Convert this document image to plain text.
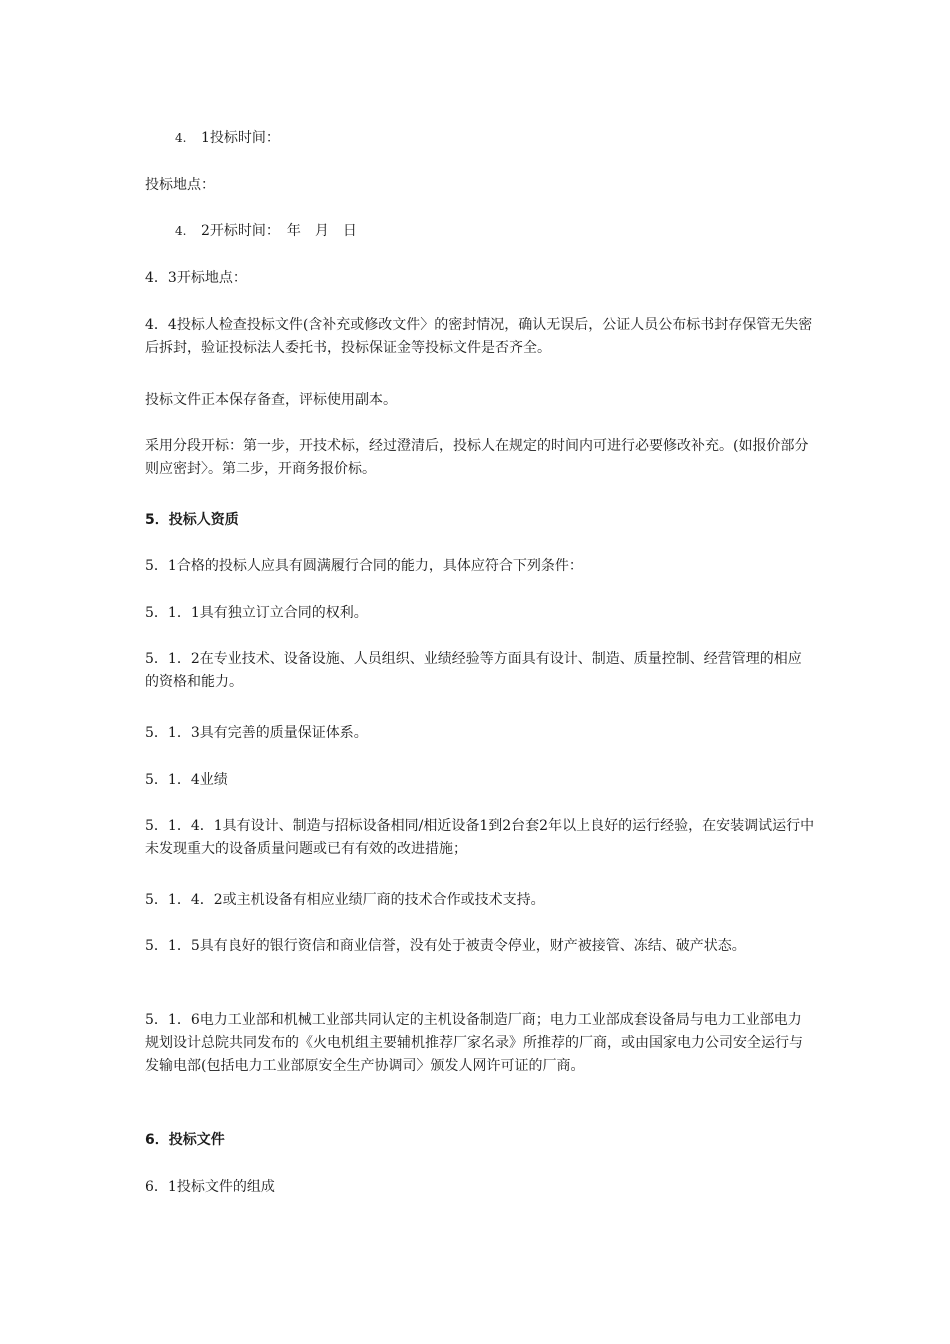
4. 1投标时间：
投标地点：
4. 2开标时间：　年　月　日
4．3开标地点：
4．4投标人检查投标文件(含补充或修改文件〉的密封情况，确认无误后，公证人员公布标书封存保管无失密后拆封，验证投标法人委托书，投标保证金等投标文件是否齐全。
投标文件正本保存备查，评标使用副本。
采用分段开标：第一步，开技术标，经过澄清后，投标人在规定的时间内可进行必要修改补充。(如报价部分则应密封〉。第二步，开商务报价标。
5．投标人资质
5．1合格的投标人应具有圆满履行合同的能力，具体应符合下列条件：
5．1．1具有独立订立合同的权利。
5．1．2在专业技术、设备设施、人员组织、业绩经验等方面具有设计、制造、质量控制、经营管理的相应的资格和能力。
5．1．3具有完善的质量保证体系。
5．1．4业绩
5．1．4．1具有设计、制造与招标设备相同/相近设备1到2台套2年以上良好的运行经验，在安装调试运行中未发现重大的设备质量问题或已有有效的改进措施；
5．1．4．2或主机设备有相应业绩厂商的技术合作或技术支持。
5．1．5具有良好的银行资信和商业信誉，没有处于被责令停业，财产被接管、冻结、破产状态。
5．1．6电力工业部和机械工业部共同认定的主机设备制造厂商；电力工业部成套设备局与电力工业部电力规划设计总院共同发布的《火电机组主要辅机推荐厂家名录》所推荐的厂商，或由国家电力公司安全运行与发输电部(包括电力工业部原安全生产协调司〉颁发人网许可证的厂商。
6．投标文件
6．1投标文件的组成
